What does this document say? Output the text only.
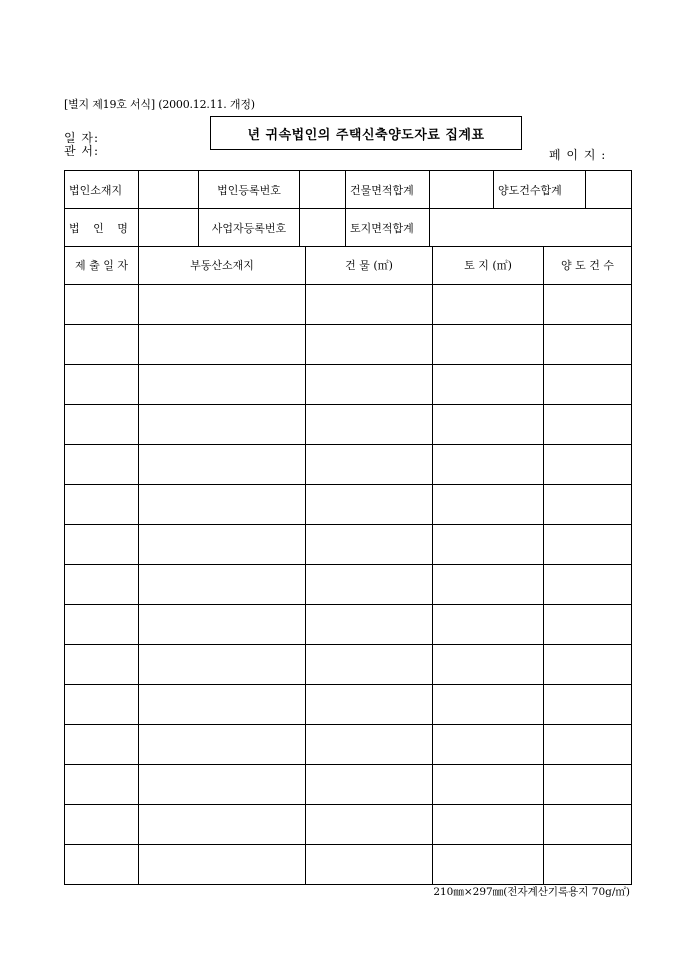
[별지 제19호 서식] (2000.12.11. 개정)
일 자:
관 서:
년 귀속법인의 주택신축양도자료 집계표
페 이 지 :
법인소재지		법인등록번호		건물면적합계		양도건수합계	
법 인 명		사업자등록번호		토지면적합계			
제 출 일 자	부동산소재지	건 물 (㎡)	토 지 (㎡)	양 도 건 수

210㎜×297㎜(전자계산기록용지 70g/㎡)
